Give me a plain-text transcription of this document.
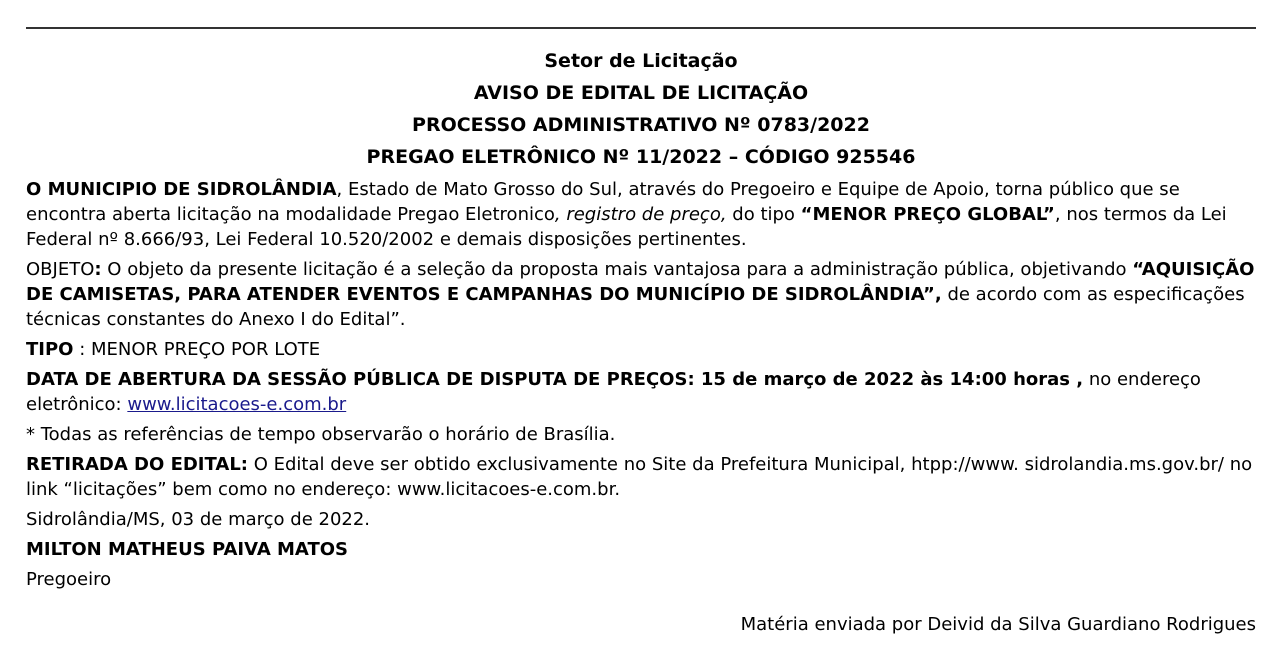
Setor de Licitação
AVISO DE EDITAL DE LICITAÇÃO
PROCESSO ADMINISTRATIVO Nº 0783/2022
PREGAO ELETRÔNICO Nº 11/2022 – CÓDIGO 925546

O MUNICIPIO DE SIDROLÂNDIA, Estado de Mato Grosso do Sul, através do Pregoeiro e Equipe de Apoio, torna público que se encontra aberta licitação na modalidade Pregao Eletronico, registro de preço, do tipo “MENOR PREÇO GLOBAL”, nos termos da Lei Federal nº 8.666/93, Lei Federal 10.520/2002 e demais disposições pertinentes.

OBJETO: O objeto da presente licitação é a seleção da proposta mais vantajosa para a administração pública, objetivando “AQUISIÇÃO DE CAMISETAS, PARA ATENDER EVENTOS E CAMPANHAS DO MUNICÍPIO DE SIDROLÂNDIA”, de acordo com as especificações técnicas constantes do Anexo I do Edital”.

TIPO : MENOR PREÇO POR LOTE

DATA DE ABERTURA DA SESSÃO PÚBLICA DE DISPUTA DE PREÇOS: 15 de março de 2022 às 14:00 horas , no endereço eletrônico: www.licitacoes-e.com.br

* Todas as referências de tempo observarão o horário de Brasília.

RETIRADA DO EDITAL: O Edital deve ser obtido exclusivamente no Site da Prefeitura Municipal, htpp://www. sidrolandia.ms.gov.br/ no link “licitações” bem como no endereço: www.licitacoes-e.com.br.

Sidrolândia/MS, 03 de março de 2022.

MILTON MATHEUS PAIVA MATOS

Pregoeiro

Matéria enviada por Deivid da Silva Guardiano Rodrigues
